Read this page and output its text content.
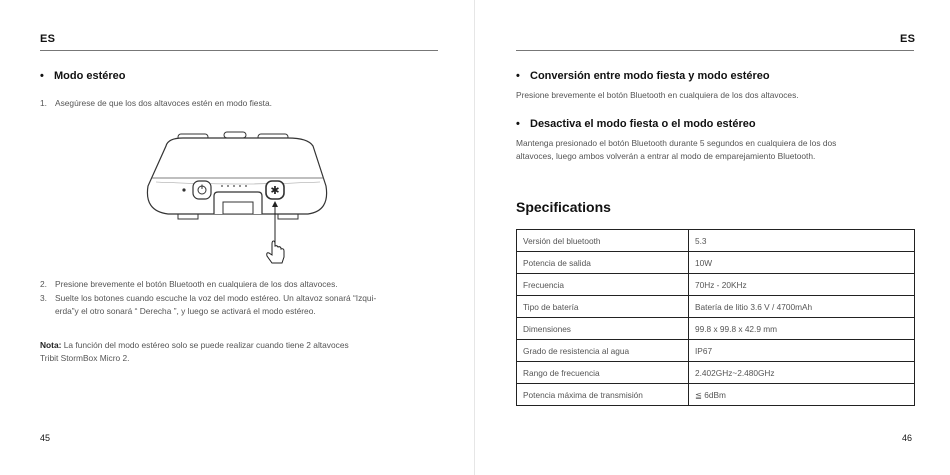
ES
• Modo estéreo
1. Asegúrese de que los dos altavoces estén en modo fiesta.
✱
2. Presione brevemente el botón Bluetooth en cualquiera de los dos altavoces.
3. Suelte los botones cuando escuche la voz del modo estéreo. Un altavoz sonará “Izqui-
erda”y el otro sonará “ Derecha ”, y luego se activará el modo estéreo.
Nota: La función del modo estéreo solo se puede realizar cuando tiene 2 altavoces
Tribit StormBox Micro 2.
45
ES
• Conversión entre modo fiesta y modo estéreo
Presione brevemente el botón Bluetooth en cualquiera de los dos altavoces.
• Desactiva el modo fiesta o el modo estéreo
Mantenga presionado el botón Bluetooth durante 5 segundos en cualquiera de los dos
altavoces, luego ambos volverán a entrar al modo de emparejamiento Bluetooth.
Specifications
Versión del bluetooth	5.3
Potencia de salida	10W
Frecuencia	70Hz - 20KHz
Tipo de batería	Batería de litio 3.6 V / 4700mAh
Dimensiones	99.8 x 99.8 x 42.9 mm
Grado de resistencia al agua	IP67
Rango de frecuencia	2.402GHz~2.480GHz
Potencia máxima de transmisión	≦ 6dBm
46
